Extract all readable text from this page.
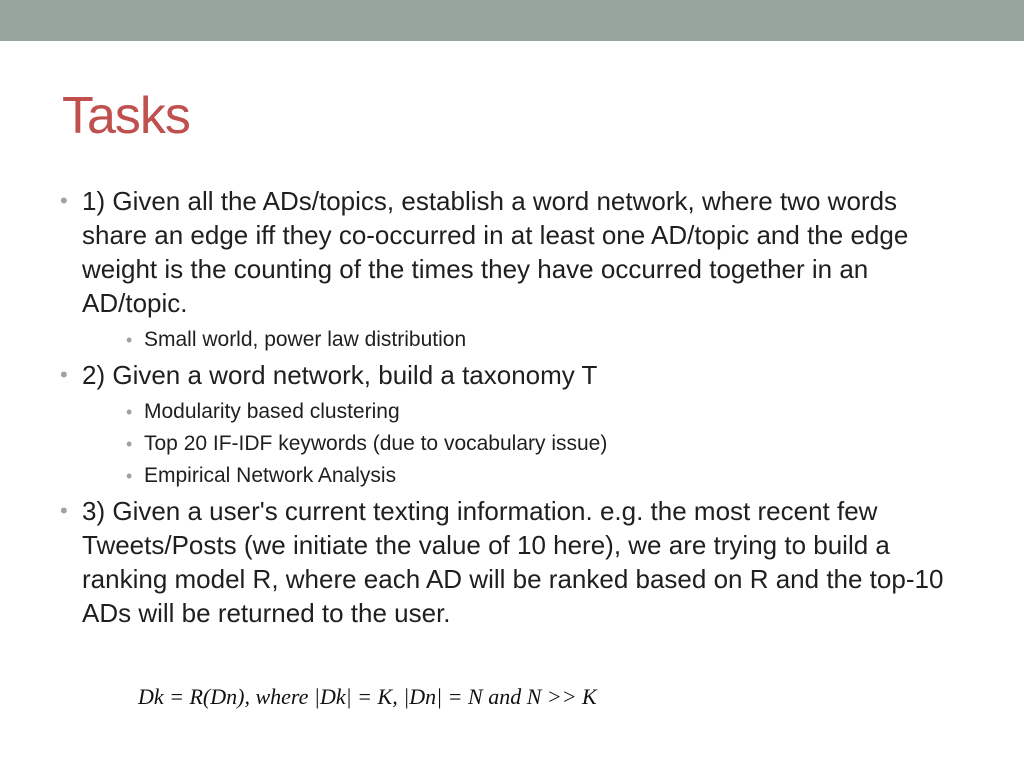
Tasks
• 1) Given all the ADs/topics, establish a word network, where two words share an edge iff they co-occurred in at least one AD/topic and the edge weight is the counting of the times they have occurred together in an AD/topic.
• Small world, power law distribution
• 2) Given a word network, build a taxonomy T
• Modularity based clustering
• Top 20 IF-IDF keywords (due to vocabulary issue)
• Empirical Network Analysis
• 3) Given a user's current texting information. e.g. the most recent few Tweets/Posts (we initiate the value of 10 here), we are trying to build a ranking model R, where each AD will be ranked based on R and the top-10 ADs will be returned to the user.
Dk = R(Dn), where |Dk| = K, |Dn| = N and N >> K
